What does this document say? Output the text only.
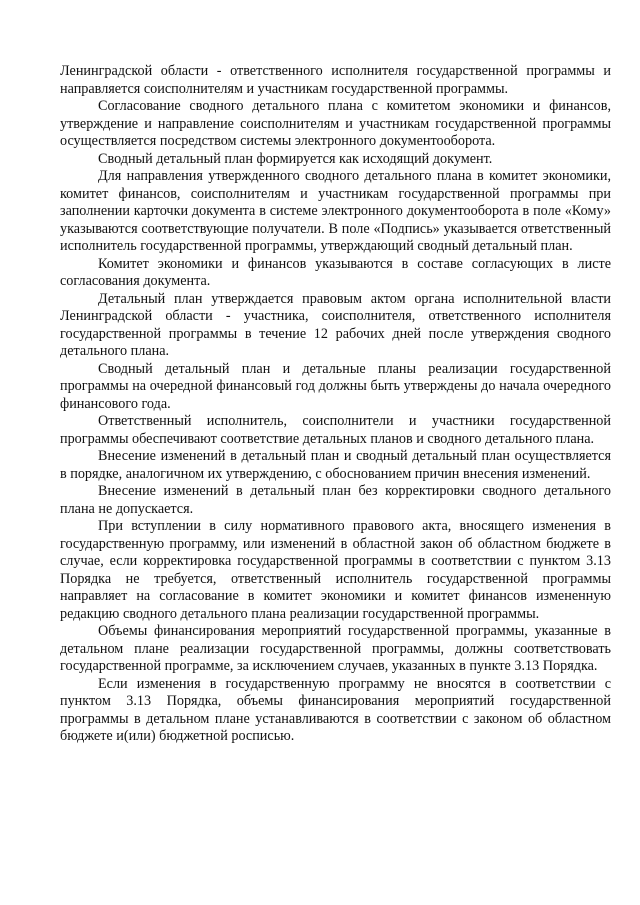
Ленинградской области - ответственного исполнителя государственной программы и направляется соисполнителям и участникам государственной программы.

Согласование сводного детального плана с комитетом экономики и финансов, утверждение и направление соисполнителям и участникам государственной программы осуществляется посредством системы электронного документооборота.

Сводный детальный план формируется как исходящий документ.

Для направления утвержденного сводного детального плана в комитет экономики, комитет финансов, соисполнителям и участникам государственной программы при заполнении карточки документа в системе электронного документооборота в поле «Кому» указываются соответствующие получатели. В поле «Подпись» указывается ответственный исполнитель государственной программы, утверждающий сводный детальный план.

Комитет экономики и финансов указываются в составе согласующих в листе согласования документа.

Детальный план утверждается правовым актом органа исполнительной власти Ленинградской области - участника, соисполнителя, ответственного исполнителя государственной программы в течение 12 рабочих дней после утверждения сводного детального плана.

Сводный детальный план и детальные планы реализации государственной программы на очередной финансовый год должны быть утверждены до начала очередного финансового года.

Ответственный исполнитель, соисполнители и участники государственной программы обеспечивают соответствие детальных планов и сводного детального плана.

Внесение изменений в детальный план и сводный детальный план осуществляется в порядке, аналогичном их утверждению, с обоснованием причин внесения изменений.

Внесение изменений в детальный план без корректировки сводного детального плана не допускается.

При вступлении в силу нормативного правового акта, вносящего изменения в государственную программу, или изменений в областной закон об областном бюджете в случае, если корректировка государственной программы в соответствии с пунктом 3.13 Порядка не требуется, ответственный исполнитель государственной программы направляет на согласование в комитет экономики и комитет финансов измененную редакцию сводного детального плана реализации государственной программы.

Объемы финансирования мероприятий государственной программы, указанные в детальном плане реализации государственной программы, должны соответствовать государственной программе, за исключением случаев, указанных в пункте 3.13 Порядка.

Если изменения в государственную программу не вносятся в соответствии с пунктом 3.13 Порядка, объемы финансирования мероприятий государственной программы в детальном плане устанавливаются в соответствии с законом об областном бюджете и(или) бюджетной росписью.
